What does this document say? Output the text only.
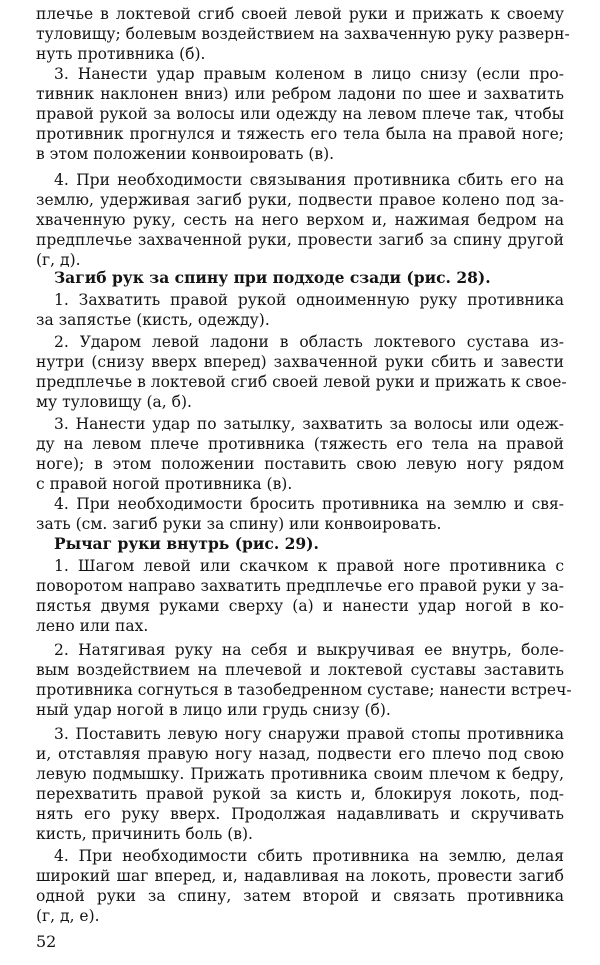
плечье в локтевой сгиб своей левой руки и прижать к своему
туловищу; болевым воздействием на захваченную руку разверн-
нуть противника (б).
3. Нанести удар правым коленом в лицо снизу (если про-
тивник наклонен вниз) или ребром ладони по шее и захватить
правой рукой за волосы или одежду на левом плече так, чтобы
противник прогнулся и тяжесть его тела была на правой ноге;
в этом положении конвоировать (в).
4. При необходимости связывания противника сбить его на
землю, удерживая загиб руки, подвести правое колено под за-
хваченную руку, сесть на него верхом и, нажимая бедром на
предплечье захваченной руки, провести загиб за спину другой
(г, д).
Загиб рук за спину при подходе сзади (рис. 28).
1. Захватить правой рукой одноименную руку противника
за запястье (кисть, одежду).
2. Ударом левой ладони в область локтевого сустава из-
нутри (снизу вверх вперед) захваченной руки сбить и завести
предплечье в локтевой сгиб своей левой руки и прижать к свое-
му туловищу (а, б).
3. Нанести удар по затылку, захватить за волосы или одеж-
ду на левом плече противника (тяжесть его тела на правой
ноге); в этом положении поставить свою левую ногу рядом
с правой ногой противника (в).
4. При необходимости бросить противника на землю и свя-
зать (см. загиб руки за спину) или конвоировать.
Рычаг руки внутрь (рис. 29).
1. Шагом левой или скачком к правой ноге противника с
поворотом направо захватить предплечье его правой руки у за-
пястья двумя руками сверху (а) и нанести удар ногой в ко-
лено или пах.
2. Натягивая руку на себя и выкручивая ее внутрь, боле-
вым воздействием на плечевой и локтевой суставы заставить
противника согнуться в тазобедренном суставе; нанести встреч-
ный удар ногой в лицо или грудь снизу (б).
3. Поставить левую ногу снаружи правой стопы противника
и, отставляя правую ногу назад, подвести его плечо под свою
левую подмышку. Прижать противника своим плечом к бедру,
перехватить правой рукой за кисть и, блокируя локоть, под-
нять его руку вверх. Продолжая надавливать и скручивать
кисть, причинить боль (в).
4. При необходимости сбить противника на землю, делая
широкий шаг вперед, и, надавливая на локоть, провести загиб
одной руки за спину, затем второй и связать противника
(г, д, е).
52
